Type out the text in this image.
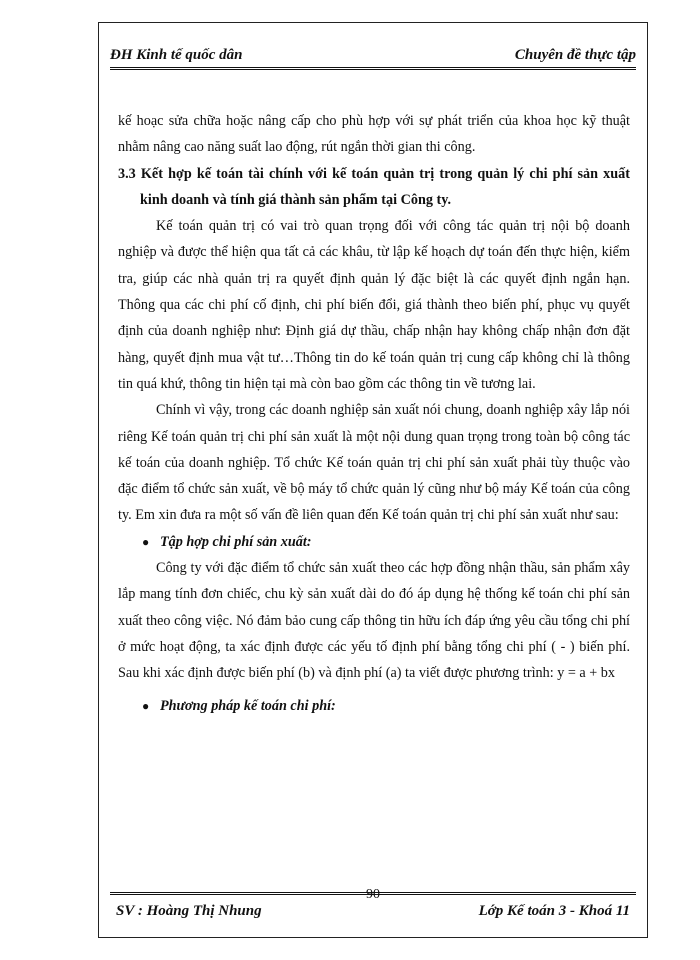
ĐH Kinh tế quốc dân	Chuyên đề thực tập

kế hoạc sửa chữa hoặc nâng cấp cho phù hợp với sự phát triển của khoa học kỹ thuật nhằm nâng cao năng suất lao động, rút ngắn thời gian thi công.

3.3 Kết hợp kế toán tài chính với kế toán quản trị trong quản lý chi phí sản xuất kinh doanh và tính giá thành sản phẩm tại Công ty.

Kế toán quản trị có vai trò quan trọng đối với công tác quản trị nội bộ doanh nghiệp và được thể hiện qua tất cả các khâu, từ lập kế hoạch dự toán đến thực hiện, kiểm tra, giúp các nhà quản trị ra quyết định quản lý đặc biệt là các quyết định ngắn hạn. Thông qua các chi phí cố định, chi phí biến đổi, giá thành theo biến phí, phục vụ quyết định của doanh nghiệp như: Định giá dự thầu, chấp nhận hay không chấp nhận đơn đặt hàng, quyết định mua vật tư…Thông tin do kế toán quản trị cung cấp không chỉ là thông tin quá khứ, thông tin hiện tại mà còn bao gồm các thông tin về tương lai.

Chính vì vậy, trong các doanh nghiệp sản xuất nói chung, doanh nghiệp xây lắp nói riêng Kế toán quản trị chi phí sản xuất là một nội dung quan trọng trong toàn bộ công tác kế toán của doanh nghiệp. Tổ chức Kế toán quản trị chi phí sản xuất phải tùy thuộc vào đặc điểm tổ chức sản xuất, về bộ máy tổ chức quản lý cũng như bộ máy Kế toán của công ty. Em xin đưa ra một số vấn đề liên quan đến Kế toán quản trị chi phí sản xuất như sau:

● Tập hợp chi phí sản xuất:

Công ty với đặc điểm tổ chức sản xuất theo các hợp đồng nhận thầu, sản phẩm xây lắp mang tính đơn chiếc, chu kỳ sản xuất dài do đó áp dụng hệ thống kế toán chi phí sản xuất theo công việc. Nó đảm bảo cung cấp thông tin hữu ích đáp ứng yêu cầu tổng chi phí ở mức hoạt động, ta xác định được các yếu tố định phí bằng tổng chi phí ( - ) biến phí. Sau khi xác định được biến phí (b) và định phí (a) ta viết được phương trình: y = a + bx

● Phương pháp kế toán chi phí:

SV : Hoàng Thị Nhung
90
Lớp Kế toán 3 - Khoá 11
